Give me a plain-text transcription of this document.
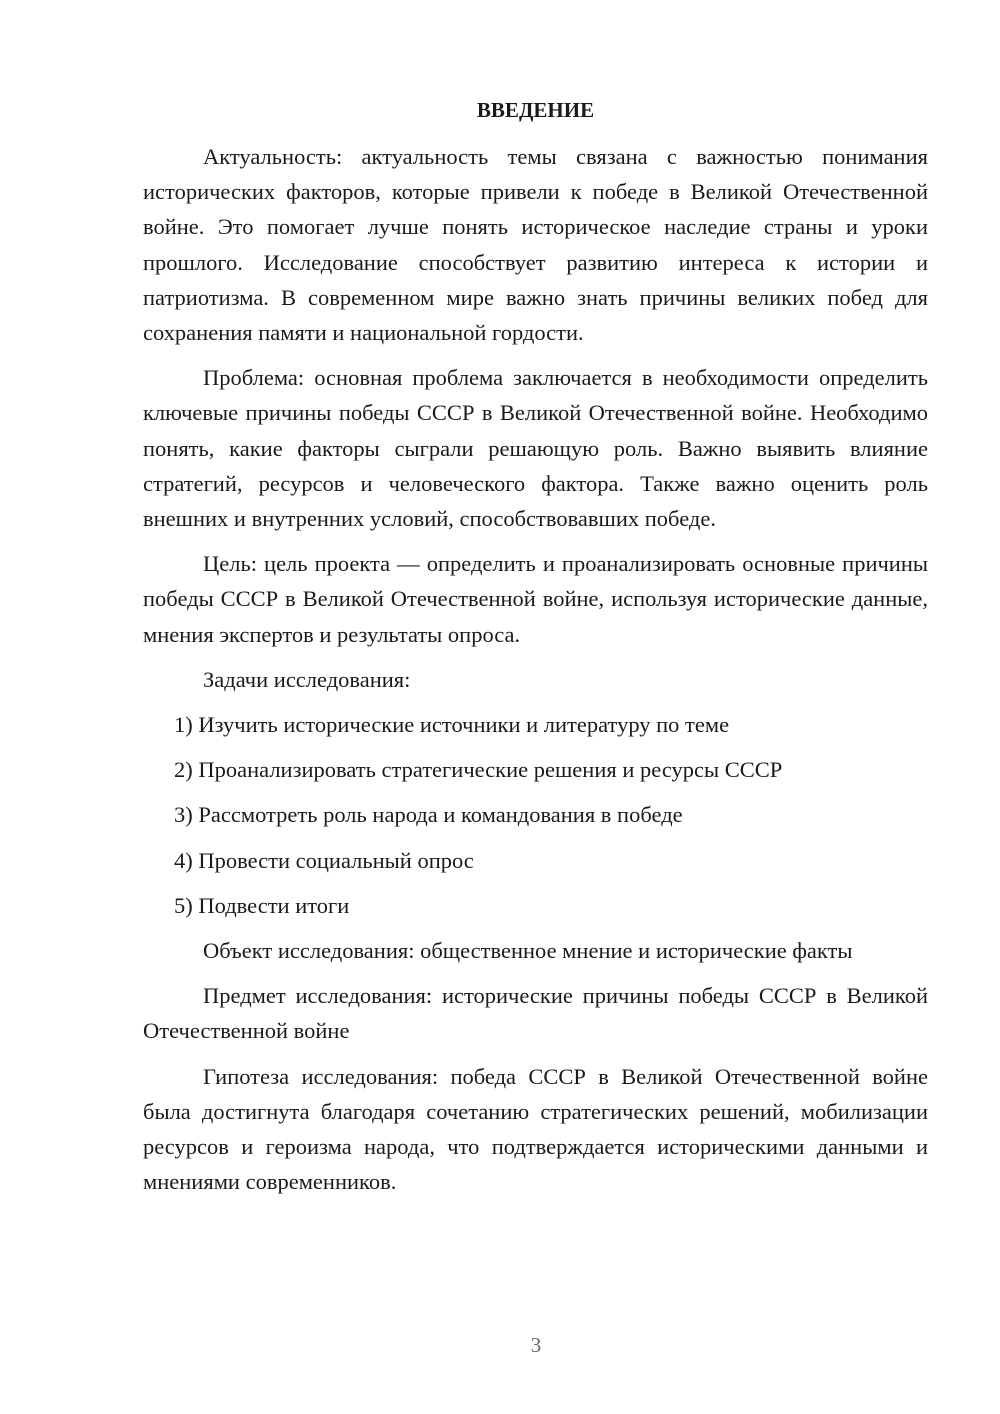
ВВЕДЕНИЕ

Актуальность: актуальность темы связана с важностью понимания исторических факторов, которые привели к победе в Великой Отечественной войне. Это помогает лучше понять историческое наследие страны и уроки прошлого. Исследование способствует развитию интереса к истории и патриотизма. В современном мире важно знать причины великих побед для сохранения памяти и национальной гордости.

Проблема: основная проблема заключается в необходимости определить ключевые причины победы СССР в Великой Отечественной войне. Необходимо понять, какие факторы сыграли решающую роль. Важно выявить влияние стратегий, ресурсов и человеческого фактора. Также важно оценить роль внешних и внутренних условий, способствовавших победе.

Цель: цель проекта — определить и проанализировать основные причины победы СССР в Великой Отечественной войне, используя исторические данные, мнения экспертов и результаты опроса.

Задачи исследования:

1) Изучить исторические источники и литературу по теме
2) Проанализировать стратегические решения и ресурсы СССР
3) Рассмотреть роль народа и командования в победе
4) Провести социальный опрос
5) Подвести итоги

Объект исследования: общественное мнение и исторические факты

Предмет исследования: исторические причины победы СССР в Великой Отечественной войне

Гипотеза исследования: победа СССР в Великой Отечественной войне была достигнута благодаря сочетанию стратегических решений, мобилизации ресурсов и героизма народа, что подтверждается историческими данными и мнениями современников.

3
